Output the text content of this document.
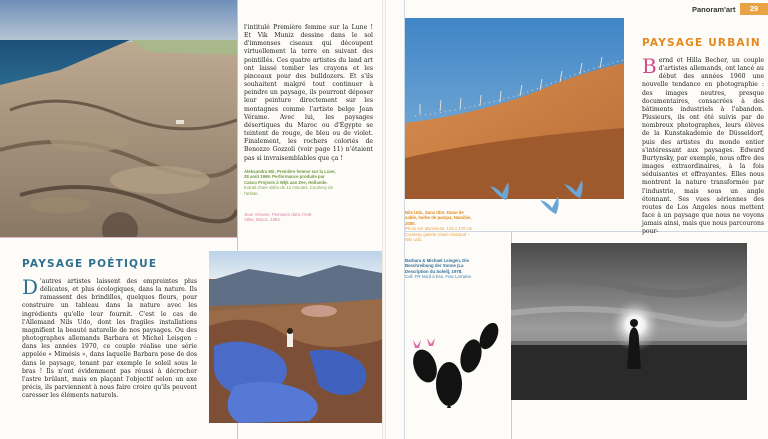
l'intitulé Première femme sur la Lune ! Et Vik Muniz dessine dans le sol d'immenses ciseaux qui découpent virtuellement la terre en suivant des pointillés. Ces quatre artistes du land art ont laissé tomber les crayons et les pinceaux pour des bulldozers. Et s'ils souhaitent malgré tout continuer à peindre un paysage, ils pourront déposer leur peinture directement sur les montagnes comme l'artiste belge Jean Vérame. Avec lui, les paysages désertiques du Maroc ou d'Égypte se teintent de rouge, de bleu ou de violet. Finalement, les rochers coloriés de Benozzo Gozzoli (voir page 11) n'étaient pas si invraisemblables que ça !

Aleksandra Mir, Première femme sur la Lune, 28 août 1999. Performance produite par Casco Projects à Wijk aan Zee, Hollande.
Extrait d'une vidéo de 12 minutes. Courtesy de l'artiste.
Jean Vérame, Peintures dans l'Anti-Atlas, Maroc, 1984.
PAYSAGE POÉTIQUE

D 'autres artistes laissent des empreintes plus délicates, et plus écologiques, dans la nature. Ils ramassent des brindilles, quelques fleurs, pour construire un tableau dans la nature avec les ingrédients qu'elle leur fournit. C'est le cas de l'Allemand Nils Udo, dont les fragiles installations magnifient la beauté naturelle de nos paysages. Ou des photographes allemands Barbara et Michel Leisgen : dans les années 1970, ce couple réalise une série appelée « Mimésis », dans laquelle Barbara pose de dos dans le paysage, tenant par exemple le soleil sous le bras ! Ils n'ont évidemment pas réussi à décrocher l'astre brûlant, mais en plaçant l'objectif selon un axe précis, ils parviennent à nous faire croire qu'ils peuvent caresser les éléments naturels.

Panoram'art	29
PAYSAGE URBAIN

Bernd et Hilla Becher, un couple d'artistes allemands, ont lancé au début des années 1960 une nouvelle tendance en photographie : des images neutres, presque documentaires, consacrées à des bâtiments industriels à l'abandon. Plusieurs, ils ont été suivis par de nombreux photographes, leurs élèves de la Kunstakademie de Düsseldorf, puis des artistes du monde entier s'intéressant aux paysages. Edward Burtynsky, par exemple, nous offre des images extraordinaires, à la fois séduisantes et effrayantes. Elles nous montrent la nature transformée par l'industrie, mais sous un angle étonnant. Ses vues aériennes des routes de Los Angeles nous mettent face à un paysage que nous ne voyons jamais ainsi, mais que nous parcourons pour-

Nils Udo, Sans titre. Dune de sable, herbe de pampa, Namibie, 2000.
Photo sur aluminium. 125 x 170 cm. Courtesy galerie Claire Gastaud – Nils Udo.
Barbara & Michael Leisgen, Die Beschreibung der Sonne (La Description du Soleil), 1978.
Coll. FR Nord à Ess. Frac Lorraine.
